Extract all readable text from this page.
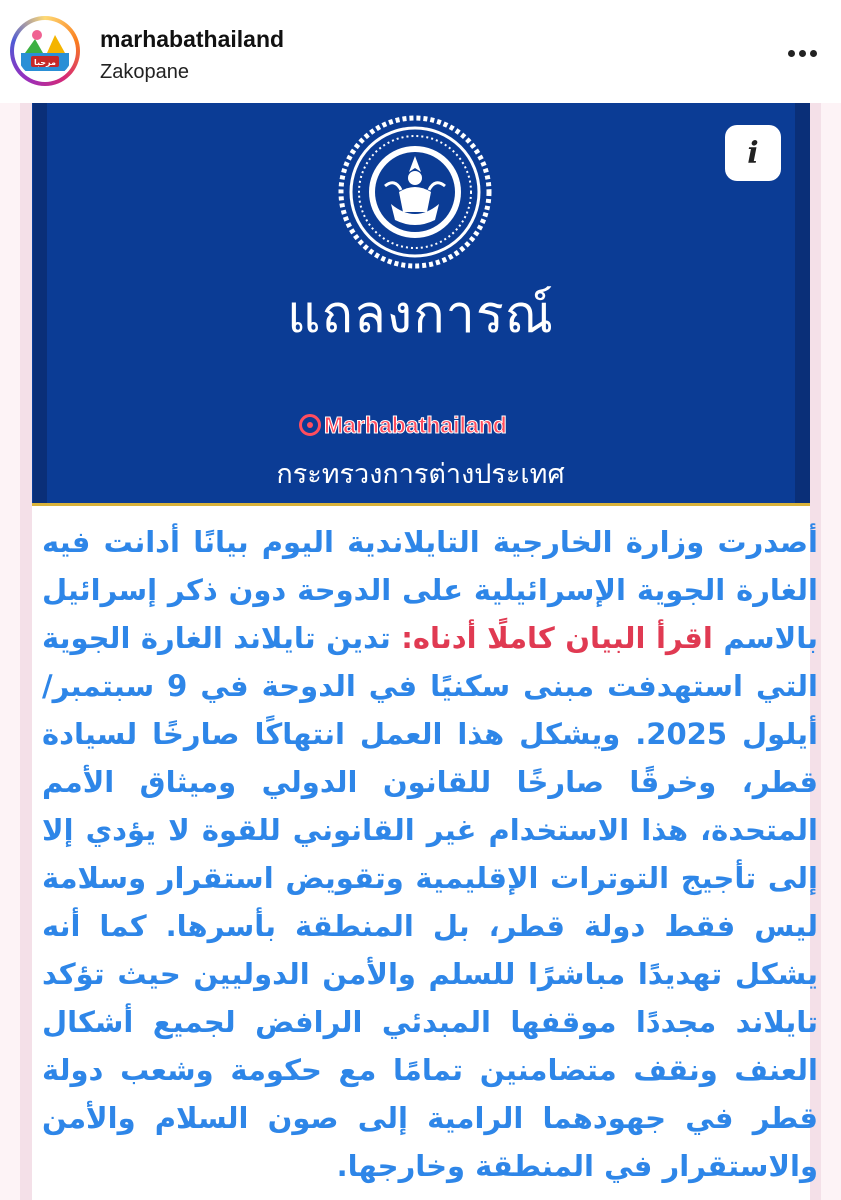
مرحبا
marhabathailand
Zakopane
i
แถลงการณ์
Marhabathailand
กระทรวงการต่างประเทศ
أصدرت وزارة الخارجية التايلاندية اليوم بيانًا أدانت فيه الغارة الجوية الإسرائيلية على الدوحة دون ذكر إسرائيل بالاسم اقرأ البيان كاملًا أدناه: تدين تايلاند الغارة الجوية التي استهدفت مبنى سكنيًا في الدوحة في 9 سبتمبر/أيلول 2025. ويشكل هذا العمل انتهاكًا صارخًا لسيادة قطر، وخرقًا صارخًا للقانون الدولي وميثاق الأمم المتحدة، هذا الاستخدام غير القانوني للقوة لا يؤدي إلا إلى تأجيج التوترات الإقليمية وتقويض استقرار وسلامة ليس فقط دولة قطر، بل المنطقة بأسرها. كما أنه يشكل تهديدًا مباشرًا للسلم والأمن الدوليين حيث تؤكد تايلاند مجددًا موقفها المبدئي الرافض لجميع أشكال العنف ونقف متضامنين تمامًا مع حكومة وشعب دولة قطر في جهودهما الرامية إلى صون السلام والأمن والاستقرار في المنطقة وخارجها.
